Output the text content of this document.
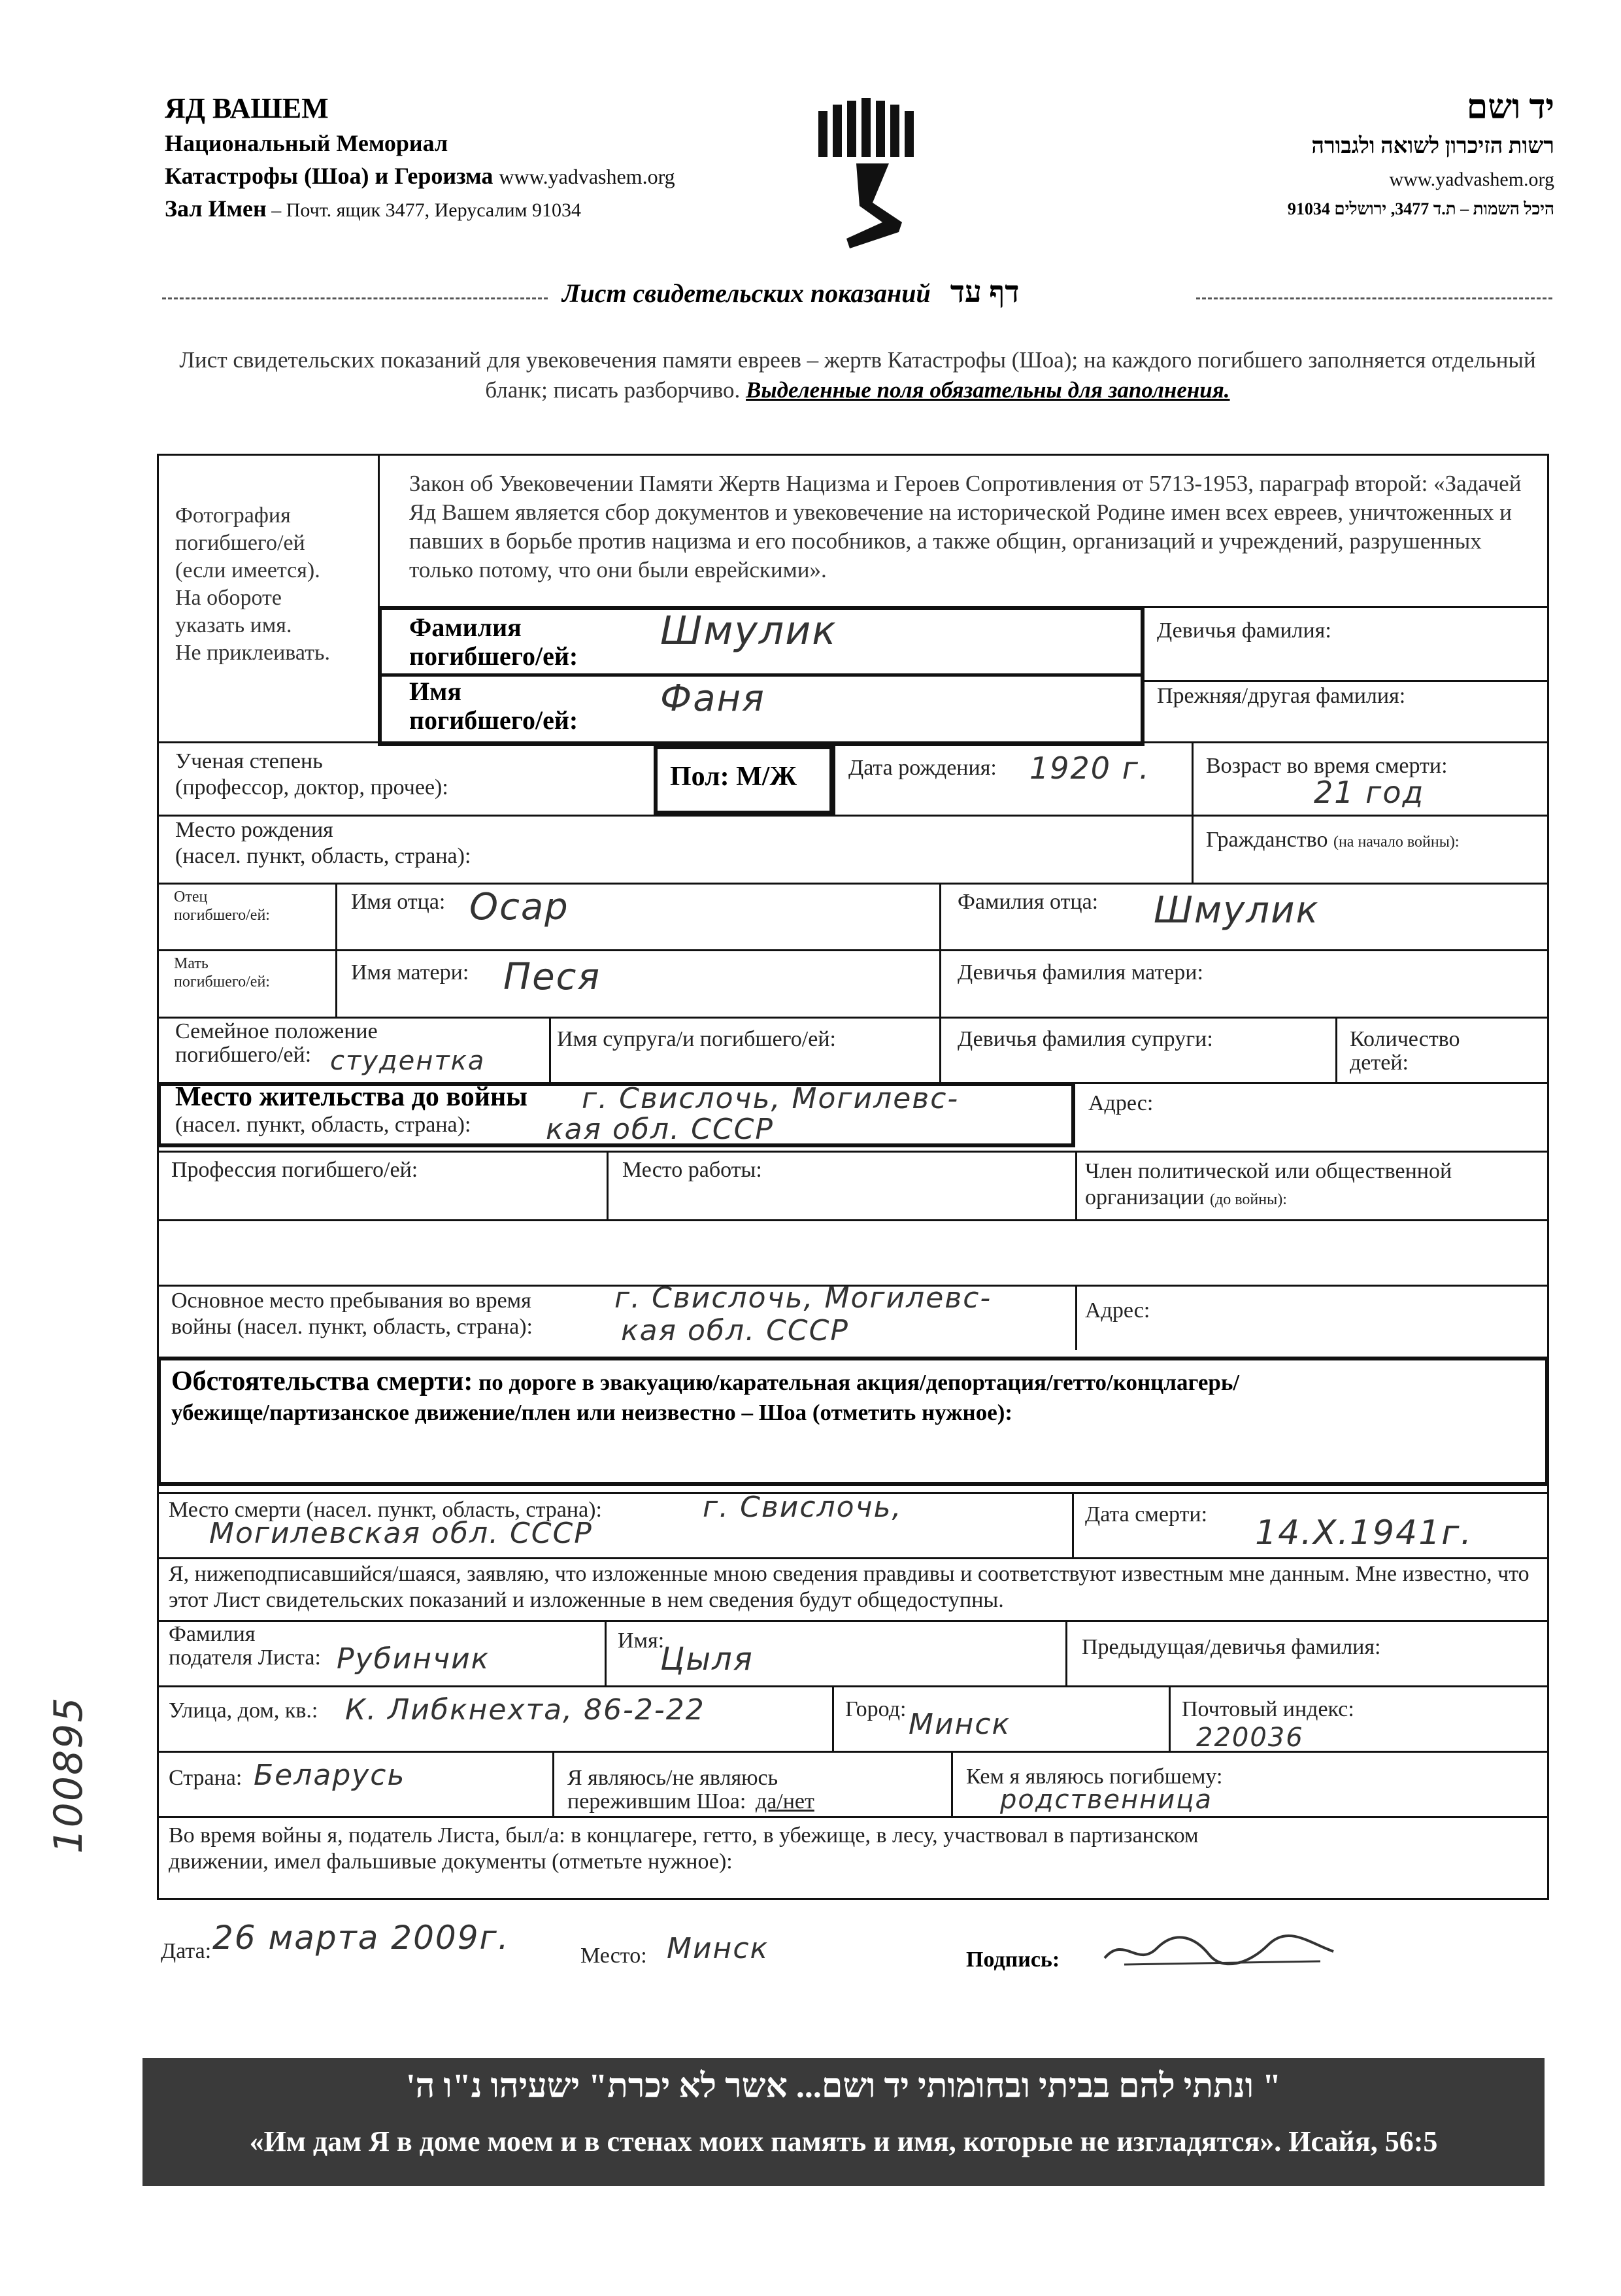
ЯД ВАШЕМ
Национальный Мемориал
Катастрофы (Шоа) и Героизма www.yadvashem.org
Зал Имен – Почт. ящик 3477, Иерусалим 91034
יד ושם
רשות הזיכרון לשואה ולגבורה
www.yadvashem.org
היכל השמות – ת.ד 3477, ירושלים 91034
Лист свидетельских показаний דף עד
Лист свидетельских показаний для увековечения памяти евреев – жертв Катастрофы (Шоа); на каждого погибшего заполняется отдельный бланк; писать разборчиво. Выделенные поля обязательны для заполнения.
Фотография
погибшего/ей
(если имеется).
На обороте
указать имя.
Не приклеивать.
Закон об Увековечении Памяти Жертв Нацизма и Героев Сопротивления от 5713-1953, параграф второй: «Задачей Яд Вашем является сбор документов и увековечение на исторической Родине имен всех евреев, уничтоженных и павших в борьбе против нацизма и его пособников, а также общин, организаций и учреждений, разрушенных только потому, что они были еврейскими».
Фамилия
погибшего/ей:
Шмулик	Девичья фамилия:
Имя
погибшего/ей:
Фаня	Прежняя/другая фамилия:
Ученая степень
(профессор, доктор, прочее):	Пол: М/Ж Дата рождения: 1920 г.	Возраст во время смерти:
21 год
Место рождения
(насел. пункт, область, страна):
Гражданство (на начало войны):
Отец
погибшего/ей:
Имя отца: Осар	Фамилия отца: Шмулик
Мать
погибшего/ей:	Имя матери: Песя	Девичья фамилия матери:
Семейное положение
погибшего/ей: студентка
Имя супруга/и погибшего/ей:	Девичья фамилия супруги:	Количество
детей:
Место жительства до войны
(насел. пункт, область, страна):
г. Свислочь, Могилевс-
кая обл. СССР
Адрес:
Профессия погибшего/ей:	Место работы:	Член политической или общественной
организации (до войны):
Основное место пребывания во время
войны (насел. пункт, область, страна):
г. Свислочь, Могилевс-
кая обл. СССР
Адрес:
Обстоятельства смерти: по дороге в эвакуацию/карательная акция/депортация/гетто/концлагерь/
убежище/партизанское движение/плен или неизвестно – Шоа (отметить нужное):
Место смерти (насел. пункт, область, страна):	г. Свислочь,
Могилевская обл. СССР
Дата смерти: 14.X.1941г.
Я, нижеподписавшийся/шаяся, заявляю, что изложенные мною сведения правдивы и соответствуют известным мне данным. Мне известно, что этот Лист свидетельских показаний и изложенные в нем сведения будут общедоступны.
Фамилия
подателя Листа: Рубинчик
Имя:
Цыля	Предыдущая/девичья фамилия:
Улица, дом, кв.: К. Либкнехта, 86-2-22	Город: Минск	Почтовый индекс:
220036
Страна: Беларусь	Я являюсь/не являюсь
пережившим Шоа: да/нет
Кем я являюсь погибшему:
родственница
Во время войны я, податель Листа, был/а: в концлагере, гетто, в убежище, в лесу, участвовал в партизанском
движении, имел фальшивые документы (отметьте нужное):
Дата: 26 марта 2009г.	Место: Минск	Подпись:
100895
" ונתתי להם בביתי ובחומותי יד ושם... אשר לא יכרת" ישעיהו נ"ו ה'
«Им дам Я в доме моем и в стенах моих память и имя, которые не изгладятся». Исайя, 56:5
